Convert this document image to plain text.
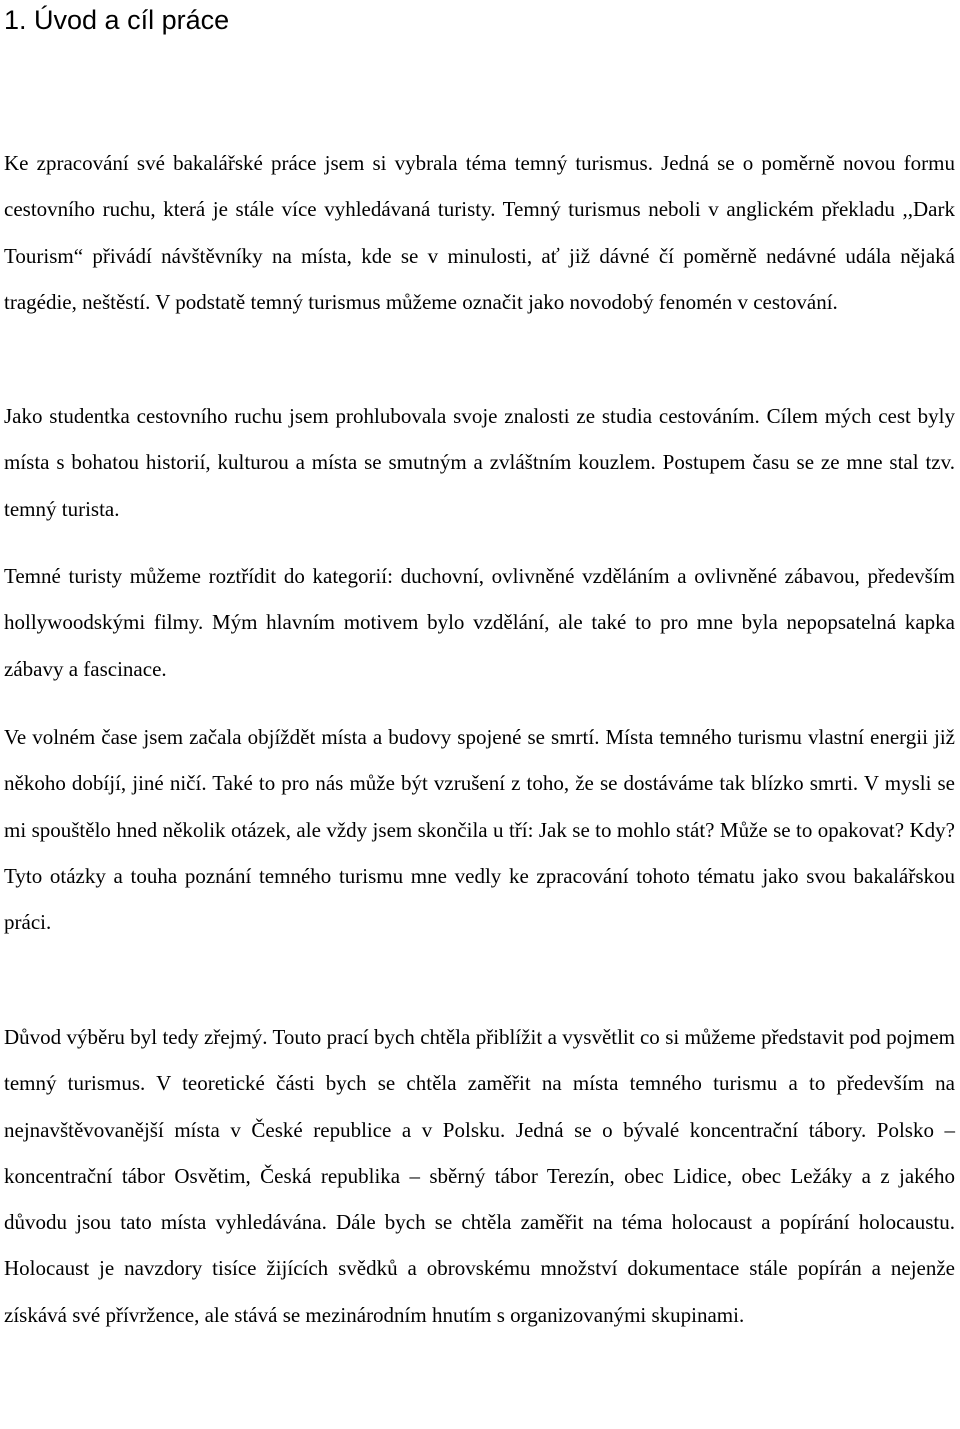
1. Úvod a cíl práce

Ke zpracování své bakalářské práce jsem si vybrala téma temný turismus. Jedná se o poměrně novou formu cestovního ruchu, která je stále více vyhledávaná turisty. Temný turismus neboli v anglickém překladu ,,Dark Tourism“ přivádí návštěvníky na místa, kde se v minulosti, ať již dávné čí poměrně nedávné udála nějaká tragédie, neštěstí. V podstatě temný turismus můžeme označit jako novodobý fenomén v cestování.

Jako studentka cestovního ruchu jsem prohlubovala svoje znalosti ze studia cestováním. Cílem mých cest byly místa s bohatou historií, kulturou a místa se smutným a zvláštním kouzlem. Postupem času se ze mne stal tzv. temný turista.

Temné turisty můžeme roztřídit do kategorií: duchovní, ovlivněné vzděláním a ovlivněné zábavou, především hollywoodskými filmy. Mým hlavním motivem bylo vzdělání, ale také to pro mne byla nepopsatelná kapka zábavy a fascinace.

Ve volném čase jsem začala objíždět místa a budovy spojené se smrtí. Místa temného turismu vlastní energii již někoho dobíjí, jiné ničí. Také to pro nás může být vzrušení z toho, že se dostáváme tak blízko smrti. V mysli se mi spouštělo hned několik otázek, ale vždy jsem skončila u tří: Jak se to mohlo stát? Může se to opakovat? Kdy? Tyto otázky a touha poznání temného turismu mne vedly ke zpracování tohoto tématu jako svou bakalářskou práci.

Důvod výběru byl tedy zřejmý. Touto prací bych chtěla přiblížit a vysvětlit co si můžeme představit pod pojmem temný turismus. V teoretické části bych se chtěla zaměřit na místa temného turismu a to především na nejnavštěvovanější místa v České republice a v Polsku. Jedná se o bývalé koncentrační tábory. Polsko – koncentrační tábor Osvětim, Česká republika – sběrný tábor Terezín, obec Lidice, obec Ležáky a z jakého důvodu jsou tato místa vyhledávána. Dále bych se chtěla zaměřit na téma holocaust a popírání holocaustu. Holocaust je navzdory tisíce žijících svědků a obrovskému množství dokumentace stále popírán a nejenže získává své přívržence, ale stává se mezinárodním hnutím s organizovanými skupinami.
